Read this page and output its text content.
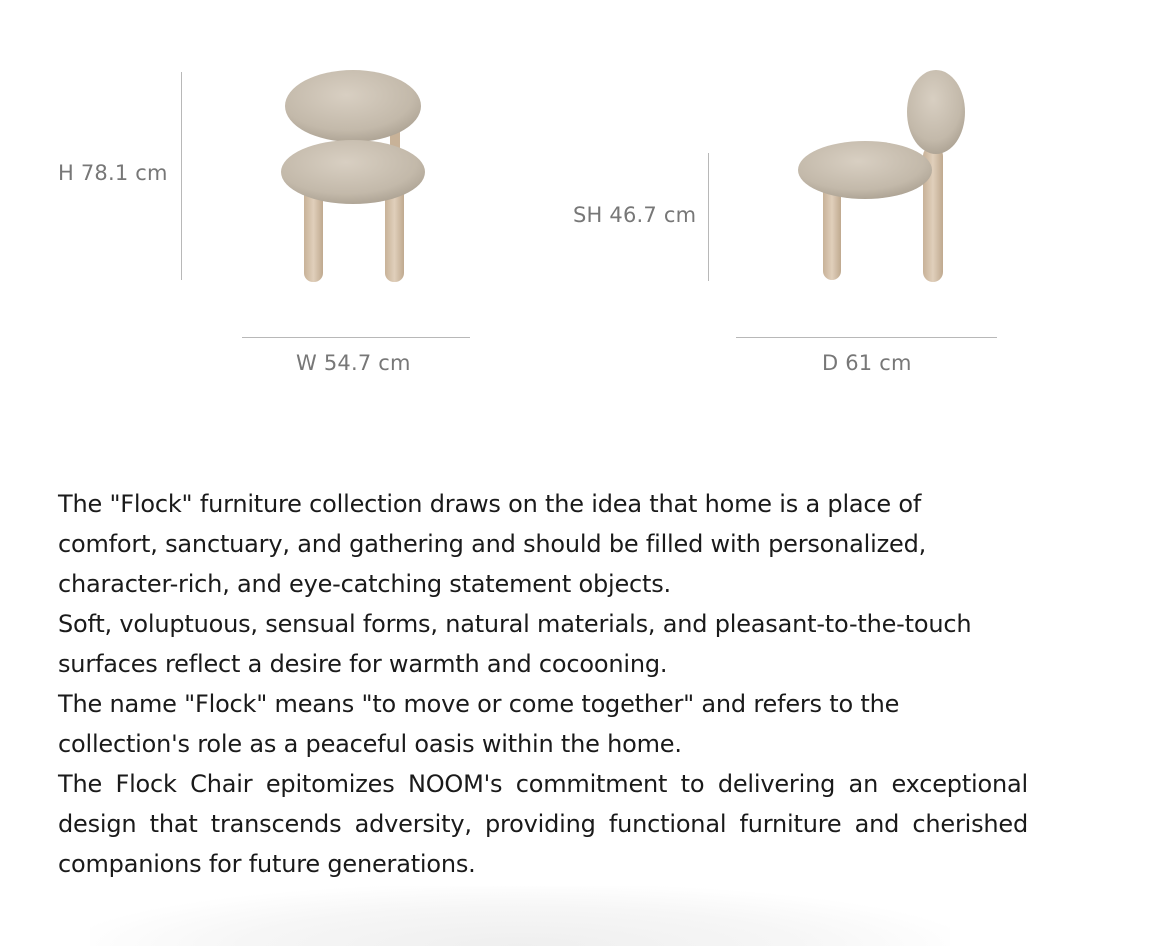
H 78.1 cm
W 54.7 cm
SH 46.7 cm
D 61 cm

The "Flock" furniture collection draws on the idea that home is a place of comfort, sanctuary, and gathering and should be filled with personalized, character-rich, and eye-catching statement objects.

Soft, voluptuous, sensual forms, natural materials, and pleasant-to-the-touch surfaces reflect a desire for warmth and cocooning.

The name "Flock" means "to move or come together" and refers to the collection's role as a peaceful oasis within the home.

The Flock Chair epitomizes NOOM's commitment to delivering an exceptional design that transcends adversity, providing functional furniture and cherished companions for future generations.
